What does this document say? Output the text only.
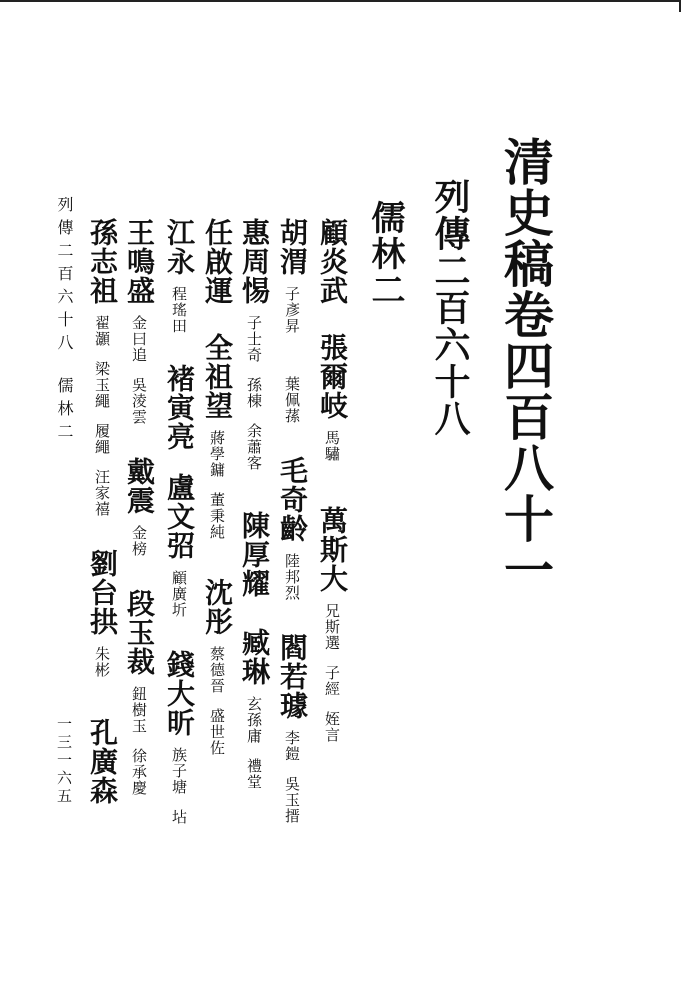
清史稿卷四百八十一
列傳二百六十八
儒林二
顧炎武張爾岐馬驌萬斯大兄斯選子經姪言
胡渭子彥昇葉佩蓀毛奇齡陸邦烈閻若璩李鎧吳玉搢
惠周惕子士奇孫棟余蕭客陳厚耀臧琳玄孫庸禮堂
任啟運全祖望蔣學鏞董秉純沈彤蔡德晉盛世佐
江永程瑤田褚寅亮盧文弨顧廣圻錢大昕族子塘坫
王鳴盛金曰追吳淩雲戴震金榜段玉裁鈕樹玉徐承慶
孫志祖翟灝梁玉繩履繩汪家禧劉台拱朱彬孔廣森
列傳二百六十八儒林二
一三一六五
